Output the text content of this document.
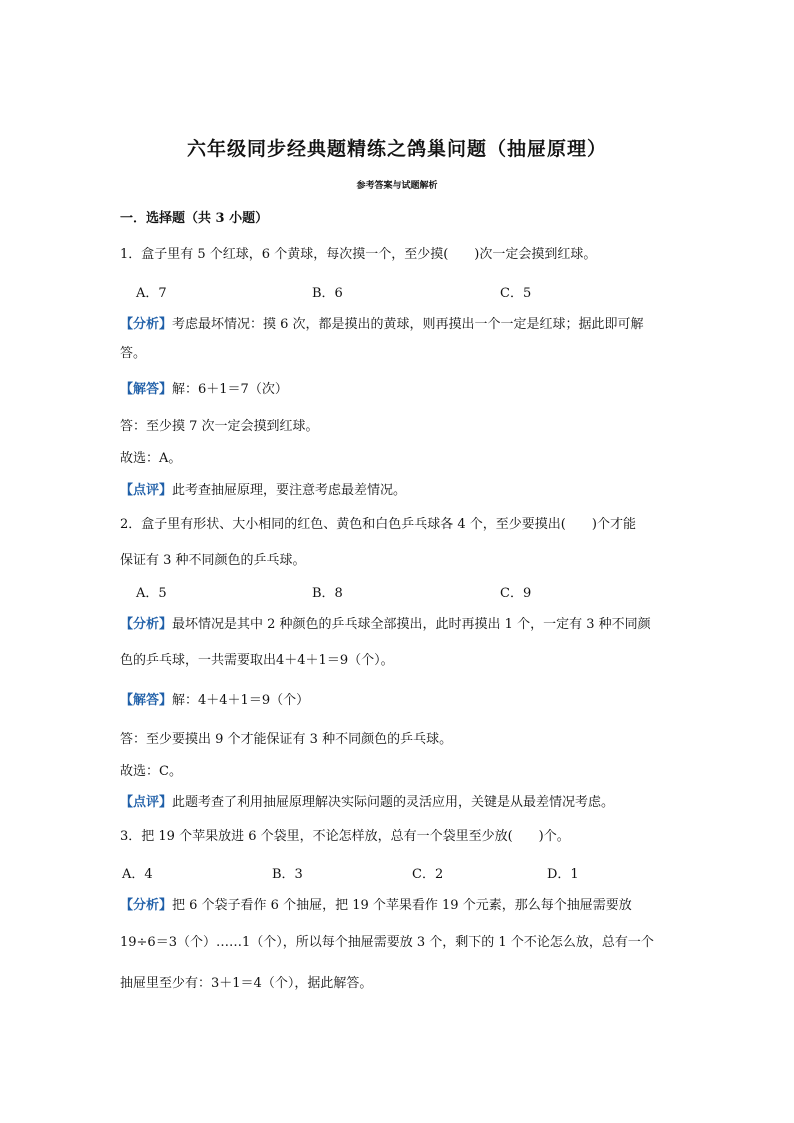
六年级同步经典题精练之鸽巢问题（抽屉原理）
参考答案与试题解析
一．选择题（共 3 小题）
1．盒子里有 5 个红球，6 个黄球，每次摸一个，至少摸(　　)次一定会摸到红球。
A．7	B．6	C．5
【分析】考虑最坏情况：摸 6 次，都是摸出的黄球，则再摸出一个一定是红球；据此即可解
答。
【解答】解：6＋1＝7（次）
答：至少摸 7 次一定会摸到红球。
故选：A。
【点评】此考查抽屉原理，要注意考虑最差情况。
2．盒子里有形状、大小相同的红色、黄色和白色乒乓球各 4 个，至少要摸出(　　)个才能
保证有 3 种不同颜色的乒乓球。
A．5	B．8	C．9
【分析】最坏情况是其中 2 种颜色的乒乓球全部摸出，此时再摸出 1 个，一定有 3 种不同颜
色的乒乓球，一共需要取出4＋4＋1＝9（个）。
【解答】解：4＋4＋1＝9（个）
答：至少要摸出 9 个才能保证有 3 种不同颜色的乒乓球。
故选：C。
【点评】此题考查了利用抽屉原理解决实际问题的灵活应用，关键是从最差情况考虑。
3．把 19 个苹果放进 6 个袋里，不论怎样放，总有一个袋里至少放(　　)个。
A．4	B．3	C．2	D．1
【分析】把 6 个袋子看作 6 个抽屉，把 19 个苹果看作 19 个元素，那么每个抽屉需要放
19÷6＝3（个）……1（个），所以每个抽屉需要放 3 个，剩下的 1 个不论怎么放，总有一个
抽屉里至少有：3＋1＝4（个），据此解答。
